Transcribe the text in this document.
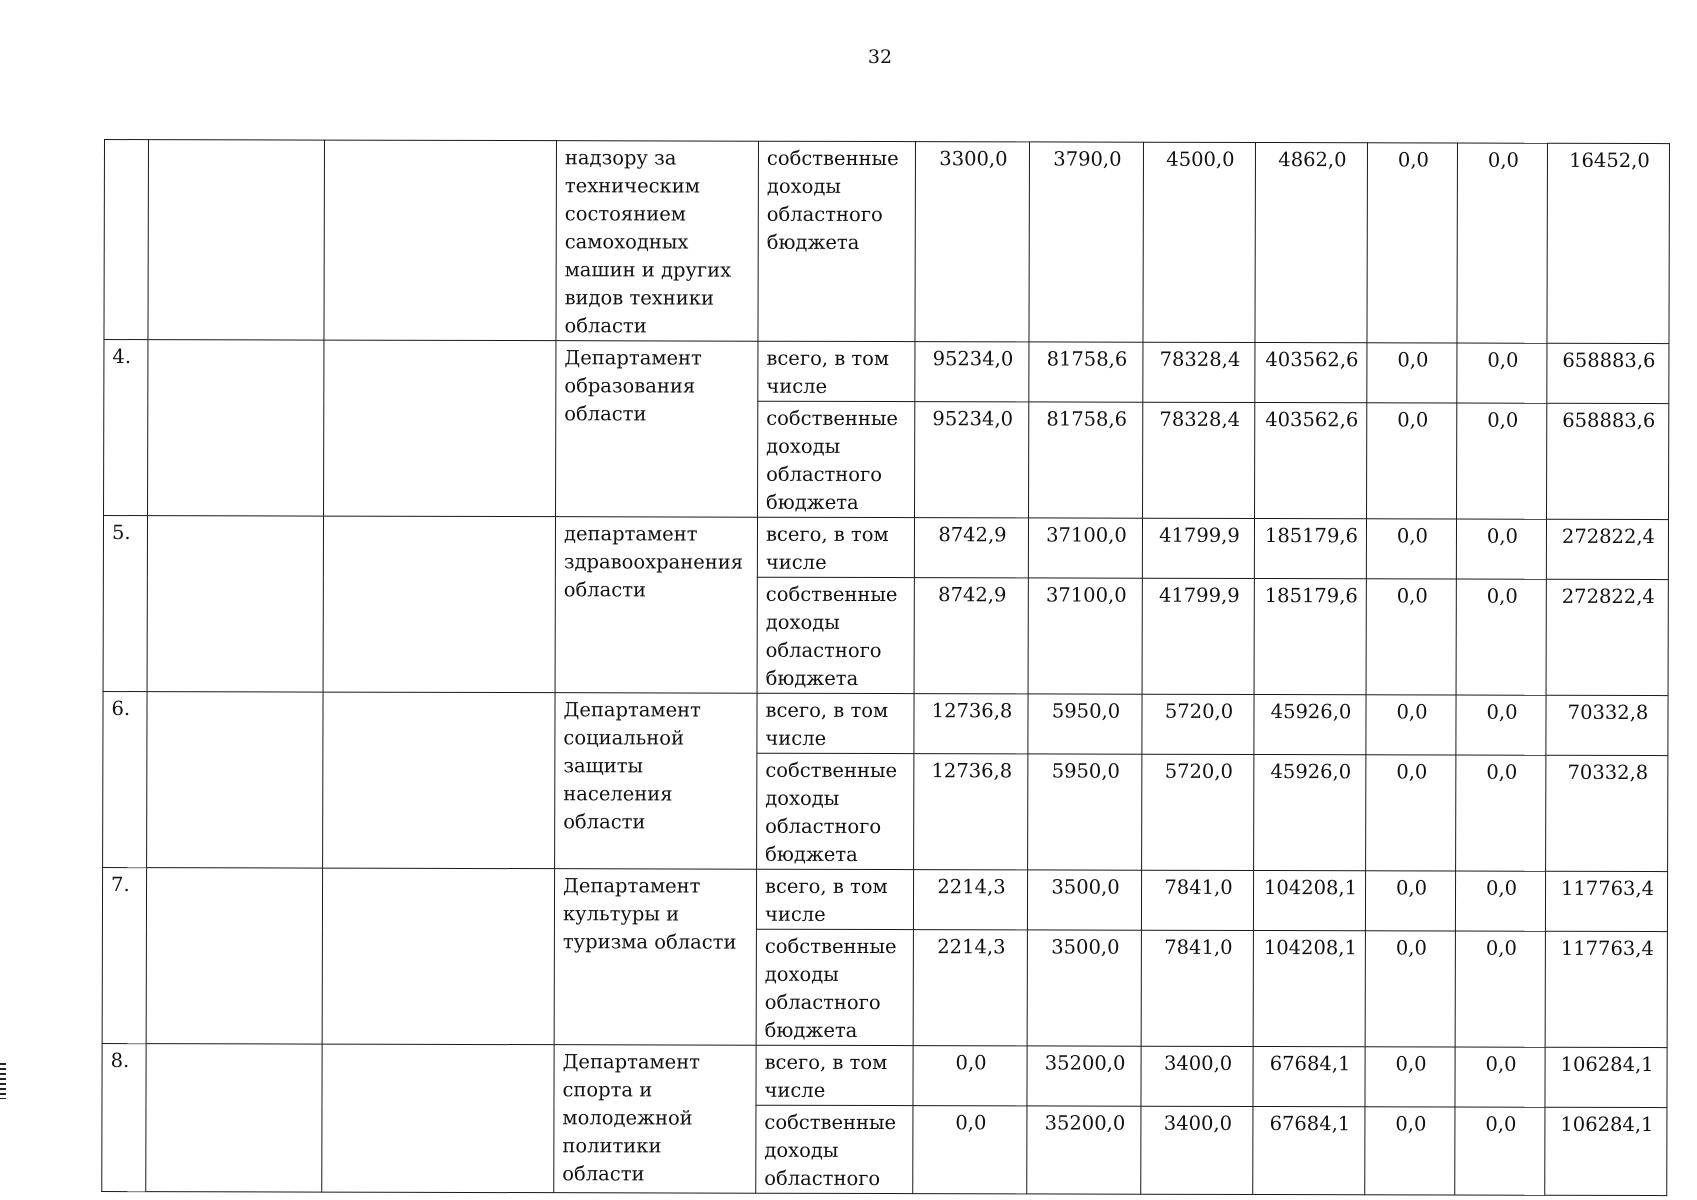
32
			надзору за техническим состоянием самоходных машин и других видов техники области	собственные доходы областного бюджета	3300,0	3790,0	4500,0	4862,0	0,0	0,0	16452,0
4.			Департамент образования области	всего, в том числе	95234,0	81758,6	78328,4	403562,6	0,0	0,0	658883,6
				собственные доходы областного бюджета	95234,0	81758,6	78328,4	403562,6	0,0	0,0	658883,6
5.			департамент здравоохранения области	всего, в том числе	8742,9	37100,0	41799,9	185179,6	0,0	0,0	272822,4
				собственные доходы областного бюджета	8742,9	37100,0	41799,9	185179,6	0,0	0,0	272822,4
6.			Департамент социальной защиты населения области	всего, в том числе	12736,8	5950,0	5720,0	45926,0	0,0	0,0	70332,8
				собственные доходы областного бюджета	12736,8	5950,0	5720,0	45926,0	0,0	0,0	70332,8
7.			Департамент культуры и туризма области	всего, в том числе	2214,3	3500,0	7841,0	104208,1	0,0	0,0	117763,4
				собственные доходы областного бюджета	2214,3	3500,0	7841,0	104208,1	0,0	0,0	117763,4
8.			Департамент спорта и молодежной политики области	всего, в том числе	0,0	35200,0	3400,0	67684,1	0,0	0,0	106284,1
				собственные доходы областного	0,0	35200,0	3400,0	67684,1	0,0	0,0	106284,1
